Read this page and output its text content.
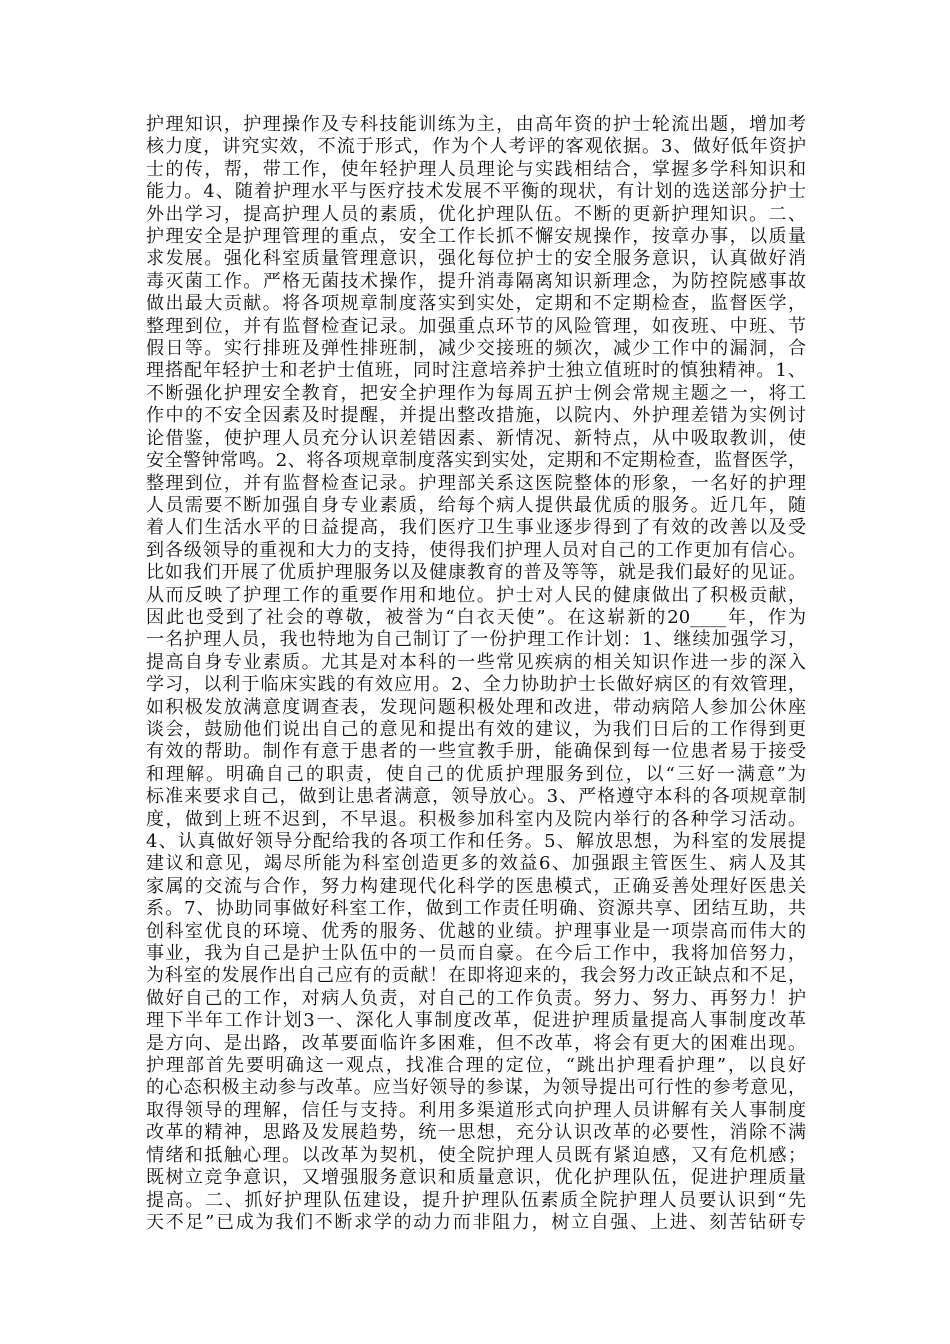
护理知识，护理操作及专科技能训练为主，由高年资的护士轮流出题，增加考
核力度，讲究实效，不流于形式，作为个人考评的客观依据。3、做好低年资护
士的传，帮，带工作，使年轻护理人员理论与实践相结合，掌握多学科知识和
能力。4、随着护理水平与医疗技术发展不平衡的现状，有计划的选送部分护士
外出学习，提高护理人员的素质，优化护理队伍。不断的更新护理知识。二、
护理安全是护理管理的重点，安全工作长抓不懈安规操作，按章办事，以质量
求发展。强化科室质量管理意识，强化每位护士的安全服务意识，认真做好消
毒灭菌工作。严格无菌技术操作，提升消毒隔离知识新理念，为防控院感事故
做出最大贡献。将各项规章制度落实到实处，定期和不定期检查，监督医学，
整理到位，并有监督检查记录。加强重点环节的风险管理，如夜班、中班、节
假日等。实行排班及弹性排班制，减少交接班的频次，减少工作中的漏洞，合
理搭配年轻护士和老护士值班，同时注意培养护士独立值班时的慎独精神。1、
不断强化护理安全教育，把安全护理作为每周五护士例会常规主题之一，将工
作中的不安全因素及时提醒，并提出整改措施，以院内、外护理差错为实例讨
论借鉴，使护理人员充分认识差错因素、新情况、新特点，从中吸取教训，使
安全警钟常鸣。2、将各项规章制度落实到实处，定期和不定期检查，监督医学，
整理到位，并有监督检查记录。护理部关系这医院整体的形象，一名好的护理
人员需要不断加强自身专业素质，给每个病人提供最优质的服务。近几年，随
着人们生活水平的日益提高，我们医疗卫生事业逐步得到了有效的改善以及受
到各级领导的重视和大力的支持，使得我们护理人员对自己的工作更加有信心。
比如我们开展了优质护理服务以及健康教育的普及等等，就是我们最好的见证。
从而反映了护理工作的重要作用和地位。护士对人民的健康做出了积极贡献，
因此也受到了社会的尊敬，被誉为“白衣天使”。在这崭新的20____年，作为
一名护理人员，我也特地为自己制订了一份护理工作计划：1、继续加强学习，
提高自身专业素质。尤其是对本科的一些常见疾病的相关知识作进一步的深入
学习，以利于临床实践的有效应用。2、全力协助护士长做好病区的有效管理，
如积极发放满意度调查表，发现问题积极处理和改进，带动病陪人参加公休座
谈会，鼓励他们说出自己的意见和提出有效的建议，为我们日后的工作得到更
有效的帮助。制作有意于患者的一些宣教手册，能确保到每一位患者易于接受
和理解。明确自己的职责，使自己的优质护理服务到位，以“三好一满意”为
标准来要求自己，做到让患者满意，领导放心。3、严格遵守本科的各项规章制
度，做到上班不迟到，不早退。积极参加科室内及院内举行的各种学习活动。
4、认真做好领导分配给我的各项工作和任务。5、解放思想，为科室的发展提
建议和意见，竭尽所能为科室创造更多的效益6、加强跟主管医生、病人及其
家属的交流与合作，努力构建现代化科学的医患模式，正确妥善处理好医患关
系。7、协助同事做好科室工作，做到工作责任明确、资源共享、团结互助，共
创科室优良的环境、优秀的服务、优越的业绩。护理事业是一项崇高而伟大的
事业，我为自己是护士队伍中的一员而自豪。在今后工作中，我将加倍努力，
为科室的发展作出自己应有的贡献！在即将迎来的，我会努力改正缺点和不足，
做好自己的工作，对病人负责，对自己的工作负责。努力、努力、再努力！护
理下半年工作计划3一、深化人事制度改革，促进护理质量提高人事制度改革
是方向、是出路，改革要面临许多困难，但不改革，将会有更大的困难出现。
护理部首先要明确这一观点，找准合理的定位，“跳出护理看护理”，以良好
的心态积极主动参与改革。应当好领导的参谋，为领导提出可行性的参考意见，
取得领导的理解，信任与支持。利用多渠道形式向护理人员讲解有关人事制度
改革的精神，思路及发展趋势，统一思想，充分认识改革的必要性，消除不满
情绪和抵触心理。以改革为契机，使全院护理人员既有紧迫感，又有危机感；
既树立竞争意识，又增强服务意识和质量意识，优化护理队伍，促进护理质量
提高。二、抓好护理队伍建设，提升护理队伍素质全院护理人员要认识到“先
天不足”已成为我们不断求学的动力而非阻力，树立自强、上进、刻苦钻研专
